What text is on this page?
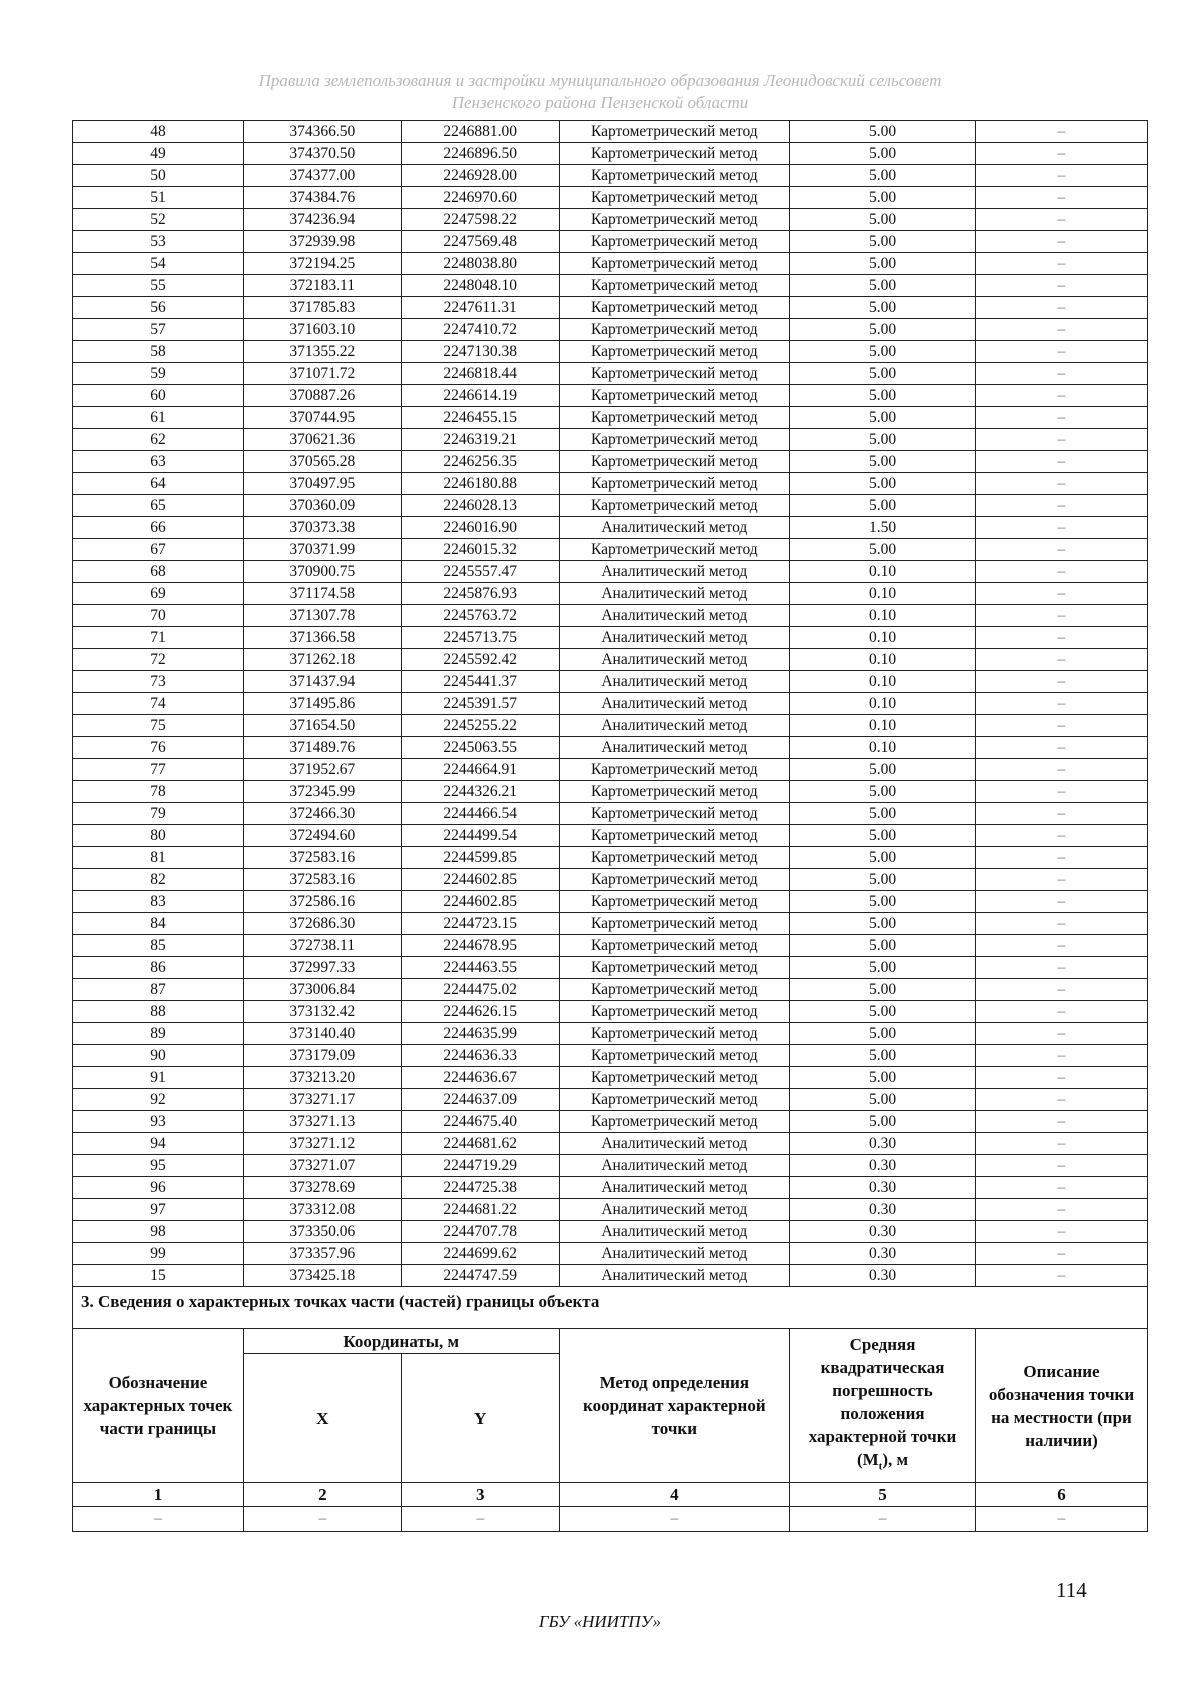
Правила землепользования и застройки муниципального образования Леонидовский сельсовет
Пензенского района Пензенской области
48	374366.50	2246881.00	Картометрический метод	5.00	–
49	374370.50	2246896.50	Картометрический метод	5.00	–
50	374377.00	2246928.00	Картометрический метод	5.00	–
51	374384.76	2246970.60	Картометрический метод	5.00	–
52	374236.94	2247598.22	Картометрический метод	5.00	–
53	372939.98	2247569.48	Картометрический метод	5.00	–
54	372194.25	2248038.80	Картометрический метод	5.00	–
55	372183.11	2248048.10	Картометрический метод	5.00	–
56	371785.83	2247611.31	Картометрический метод	5.00	–
57	371603.10	2247410.72	Картометрический метод	5.00	–
58	371355.22	2247130.38	Картометрический метод	5.00	–
59	371071.72	2246818.44	Картометрический метод	5.00	–
60	370887.26	2246614.19	Картометрический метод	5.00	–
61	370744.95	2246455.15	Картометрический метод	5.00	–
62	370621.36	2246319.21	Картометрический метод	5.00	–
63	370565.28	2246256.35	Картометрический метод	5.00	–
64	370497.95	2246180.88	Картометрический метод	5.00	–
65	370360.09	2246028.13	Картометрический метод	5.00	–
66	370373.38	2246016.90	Аналитический метод	1.50	–
67	370371.99	2246015.32	Картометрический метод	5.00	–
68	370900.75	2245557.47	Аналитический метод	0.10	–
69	371174.58	2245876.93	Аналитический метод	0.10	–
70	371307.78	2245763.72	Аналитический метод	0.10	–
71	371366.58	2245713.75	Аналитический метод	0.10	–
72	371262.18	2245592.42	Аналитический метод	0.10	–
73	371437.94	2245441.37	Аналитический метод	0.10	–
74	371495.86	2245391.57	Аналитический метод	0.10	–
75	371654.50	2245255.22	Аналитический метод	0.10	–
76	371489.76	2245063.55	Аналитический метод	0.10	–
77	371952.67	2244664.91	Картометрический метод	5.00	–
78	372345.99	2244326.21	Картометрический метод	5.00	–
79	372466.30	2244466.54	Картометрический метод	5.00	–
80	372494.60	2244499.54	Картометрический метод	5.00	–
81	372583.16	2244599.85	Картометрический метод	5.00	–
82	372583.16	2244602.85	Картометрический метод	5.00	–
83	372586.16	2244602.85	Картометрический метод	5.00	–
84	372686.30	2244723.15	Картометрический метод	5.00	–
85	372738.11	2244678.95	Картометрический метод	5.00	–
86	372997.33	2244463.55	Картометрический метод	5.00	–
87	373006.84	2244475.02	Картометрический метод	5.00	–
88	373132.42	2244626.15	Картометрический метод	5.00	–
89	373140.40	2244635.99	Картометрический метод	5.00	–
90	373179.09	2244636.33	Картометрический метод	5.00	–
91	373213.20	2244636.67	Картометрический метод	5.00	–
92	373271.17	2244637.09	Картометрический метод	5.00	–
93	373271.13	2244675.40	Картометрический метод	5.00	–
94	373271.12	2244681.62	Аналитический метод	0.30	–
95	373271.07	2244719.29	Аналитический метод	0.30	–
96	373278.69	2244725.38	Аналитический метод	0.30	–
97	373312.08	2244681.22	Аналитический метод	0.30	–
98	373350.06	2244707.78	Аналитический метод	0.30	–
99	373357.96	2244699.62	Аналитический метод	0.30	–
15	373425.18	2244747.59	Аналитический метод	0.30	–
3. Сведения о характерных точках части (частей) границы объекта					
Обозначение характерных точек части границы	Координаты, м		Метод определения координат характерной точки	Средняя квадратическая погрешность положения характерной точки $(M_t)$, м	Описание обозначения точки на местности (при наличии)
	X	Y			
1	2	3	4	5	6
–	–	–	–	–	–
114
ГБУ «НИИТПУ»
